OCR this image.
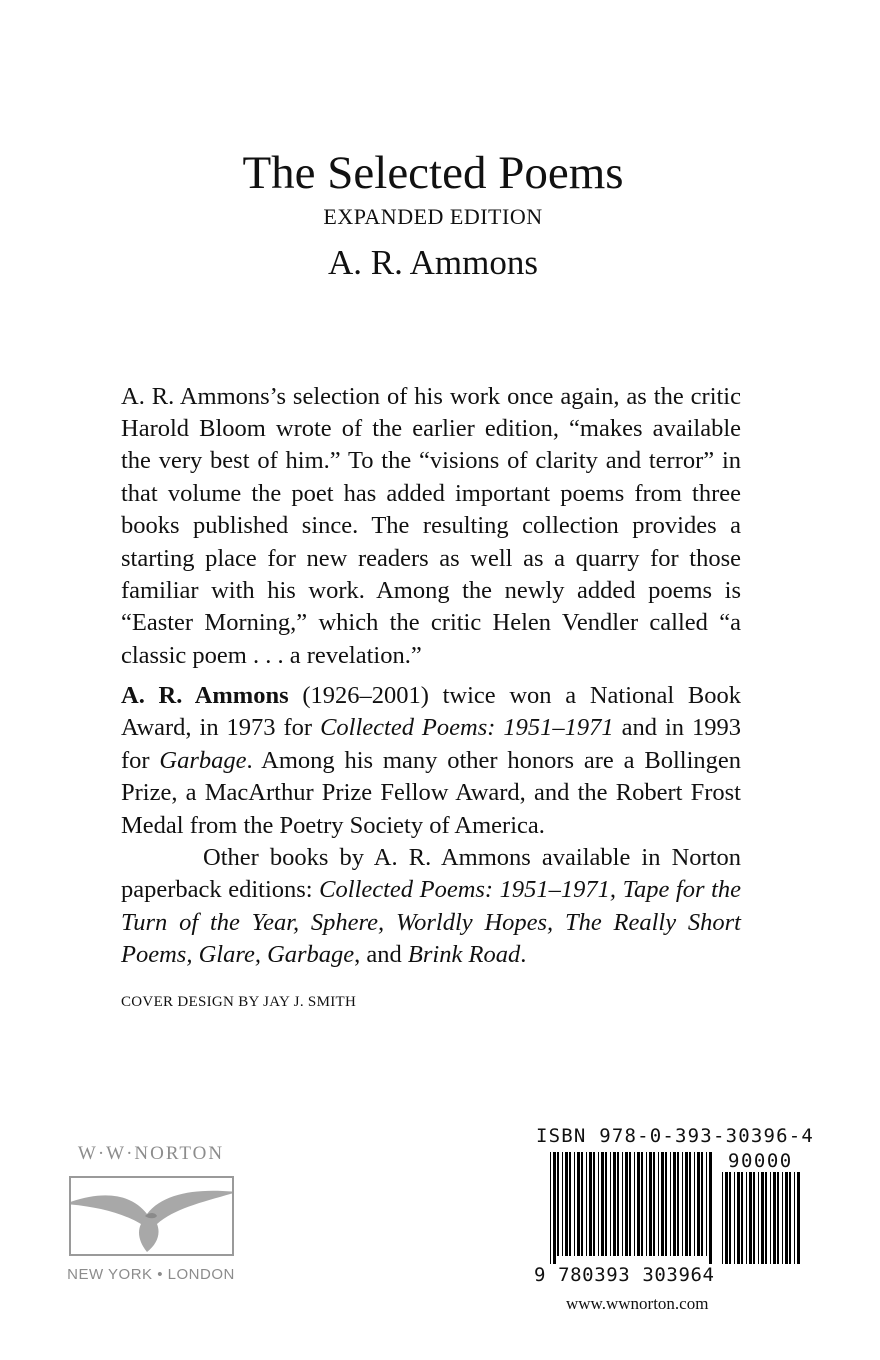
The Selected Poems
EXPANDED EDITION
A. R. Ammons

A. R. Ammons’s selection of his work once again, as the critic Harold Bloom wrote of the earlier edition, “makes available the very best of him.” To the “visions of clarity and terror” in that volume the poet has added important poems from three books published since. The resulting collection provides a starting place for new readers as well as a quarry for those familiar with his work. Among the newly added poems is “Easter Morning,” which the critic Helen Vendler called “a classic poem . . . a revelation.”

A. R. Ammons (1926–2001) twice won a National Book Award, in 1973 for Collected Poems: 1951–1971 and in 1993 for Garbage. Among his many other honors are a Bollingen Prize, a MacArthur Prize Fellow Award, and the Robert Frost Medal from the Poetry Society of America.
Other books by A. R. Ammons available in Norton paperback editions: Collected Poems: 1951–1971, Tape for the Turn of the Year, Sphere, Worldly Hopes, The Really Short Poems, Glare, Garbage, and Brink Road.
COVER DESIGN BY JAY J. SMITH
W·W·NORTON
NEW YORK • LONDON
ISBN 978-0-393-30396-4
90000
9 780393 303964
www.wwnorton.com
